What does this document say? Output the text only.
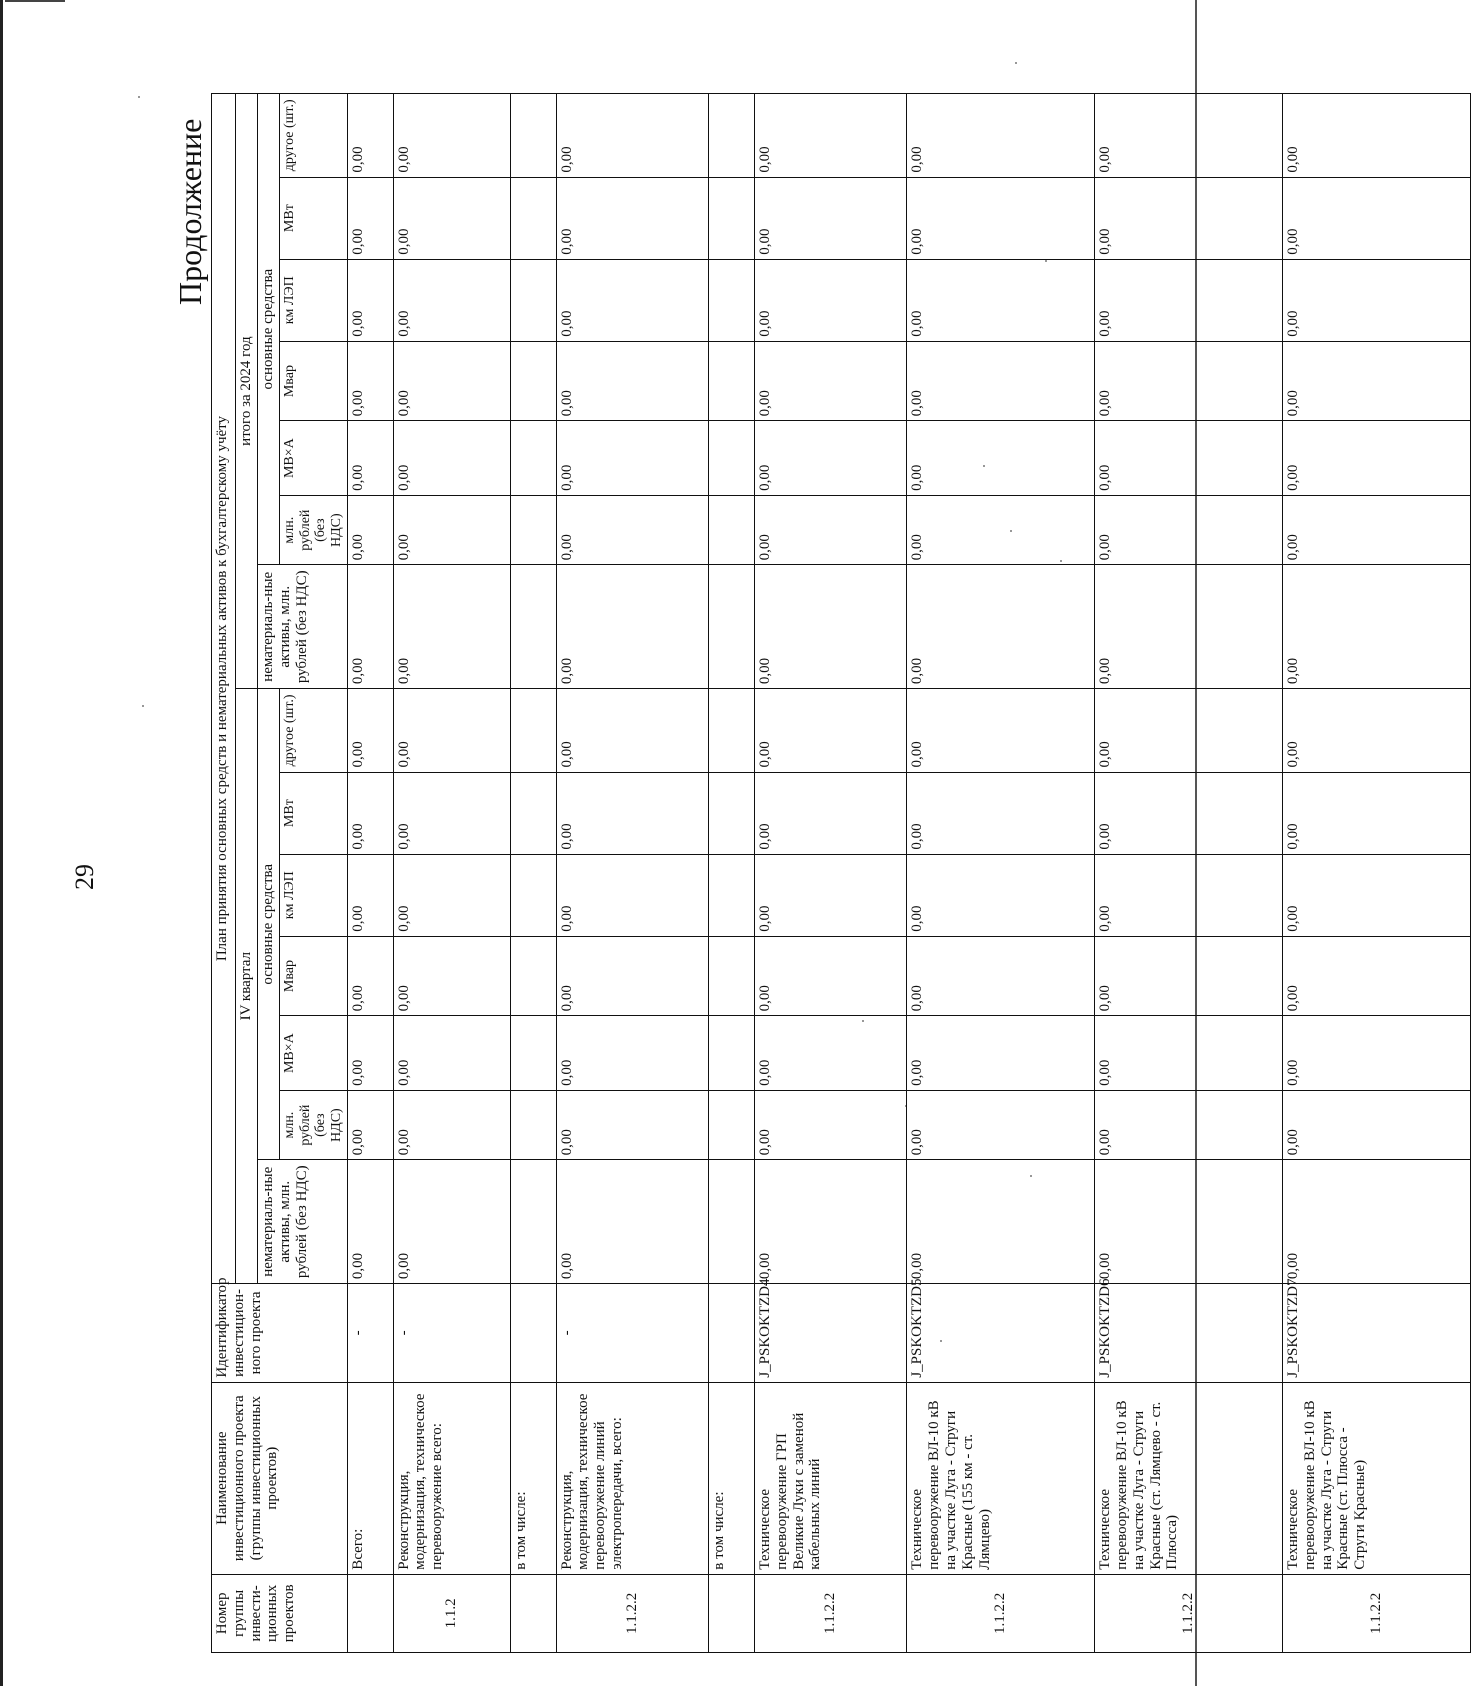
29
Продолжение
Номер группы инвести-ционных проектов	Наименование инвестиционного проекта (группы инвестиционных проектов)	Идентификатор инвестицион-ного проекта	План принятия основных средств и нематериальных активов к бухгалтерскому учёту													
			IV квартал							итого за 2024 год						
			нематериаль-ные активы, млн. рублей (без НДС)	основные средства						нематериаль-ные активы, млн. рублей (без НДС)	основные средства					
				млн. рублей (без НДС)	МВ×А	Мвар	км ЛЭП	МВт	другое (шт.)		млн. рублей (без НДС)	МВ×А	Мвар	км ЛЭП	МВт	другое (шт.)
	Всего:	-	0,00	0,00	0,00	0,00	0,00	0,00	0,00	0,00	0,00	0,00	0,00	0,00	0,00	0,00
1.1.2	Реконструкция, модернизация, техническое перевооружение всего:	-	0,00	0,00	0,00	0,00	0,00	0,00	0,00	0,00	0,00	0,00	0,00	0,00	0,00	0,00
	в том числе:															
1.1.2.2	Реконструкция, модернизация, техническое перевооружение линий электропередачи, всего:	-	0,00	0,00	0,00	0,00	0,00	0,00	0,00	0,00	0,00	0,00	0,00	0,00	0,00	0,00
	в том числе:															
1.1.2.2	Техническое перевооружение ГРП Великие Луки с заменой кабельных линий	J_PSKOKTZD4	0,00	0,00	0,00	0,00	0,00	0,00	0,00	0,00	0,00	0,00	0,00	0,00	0,00	0,00
1.1.2.2	Техническое перевооружение ВЛ-10 кВ на участке Луга - Струги Красные (155 км - ст. Лямцево)	J_PSKOKTZD5	0,00	0,00	0,00	0,00	0,00	0,00	0,00	0,00	0,00	0,00	0,00	0,00	0,00	0,00
1.1.2.2	Техническое перевооружение ВЛ-10 кВ на участке Луга - Струги Красные (ст. Лямцево - ст. Плюсса)	J_PSKOKTZD6	0,00	0,00	0,00	0,00	0,00	0,00	0,00	0,00	0,00	0,00	0,00	0,00	0,00	0,00
1.1.2.2	Техническое перевооружение ВЛ-10 кВ на участке Луга - Струги Красные (ст. Плюсса - Струги Красные)	J_PSKOKTZD7	0,00	0,00	0,00	0,00	0,00	0,00	0,00	0,00	0,00	0,00	0,00	0,00	0,00	0,00
